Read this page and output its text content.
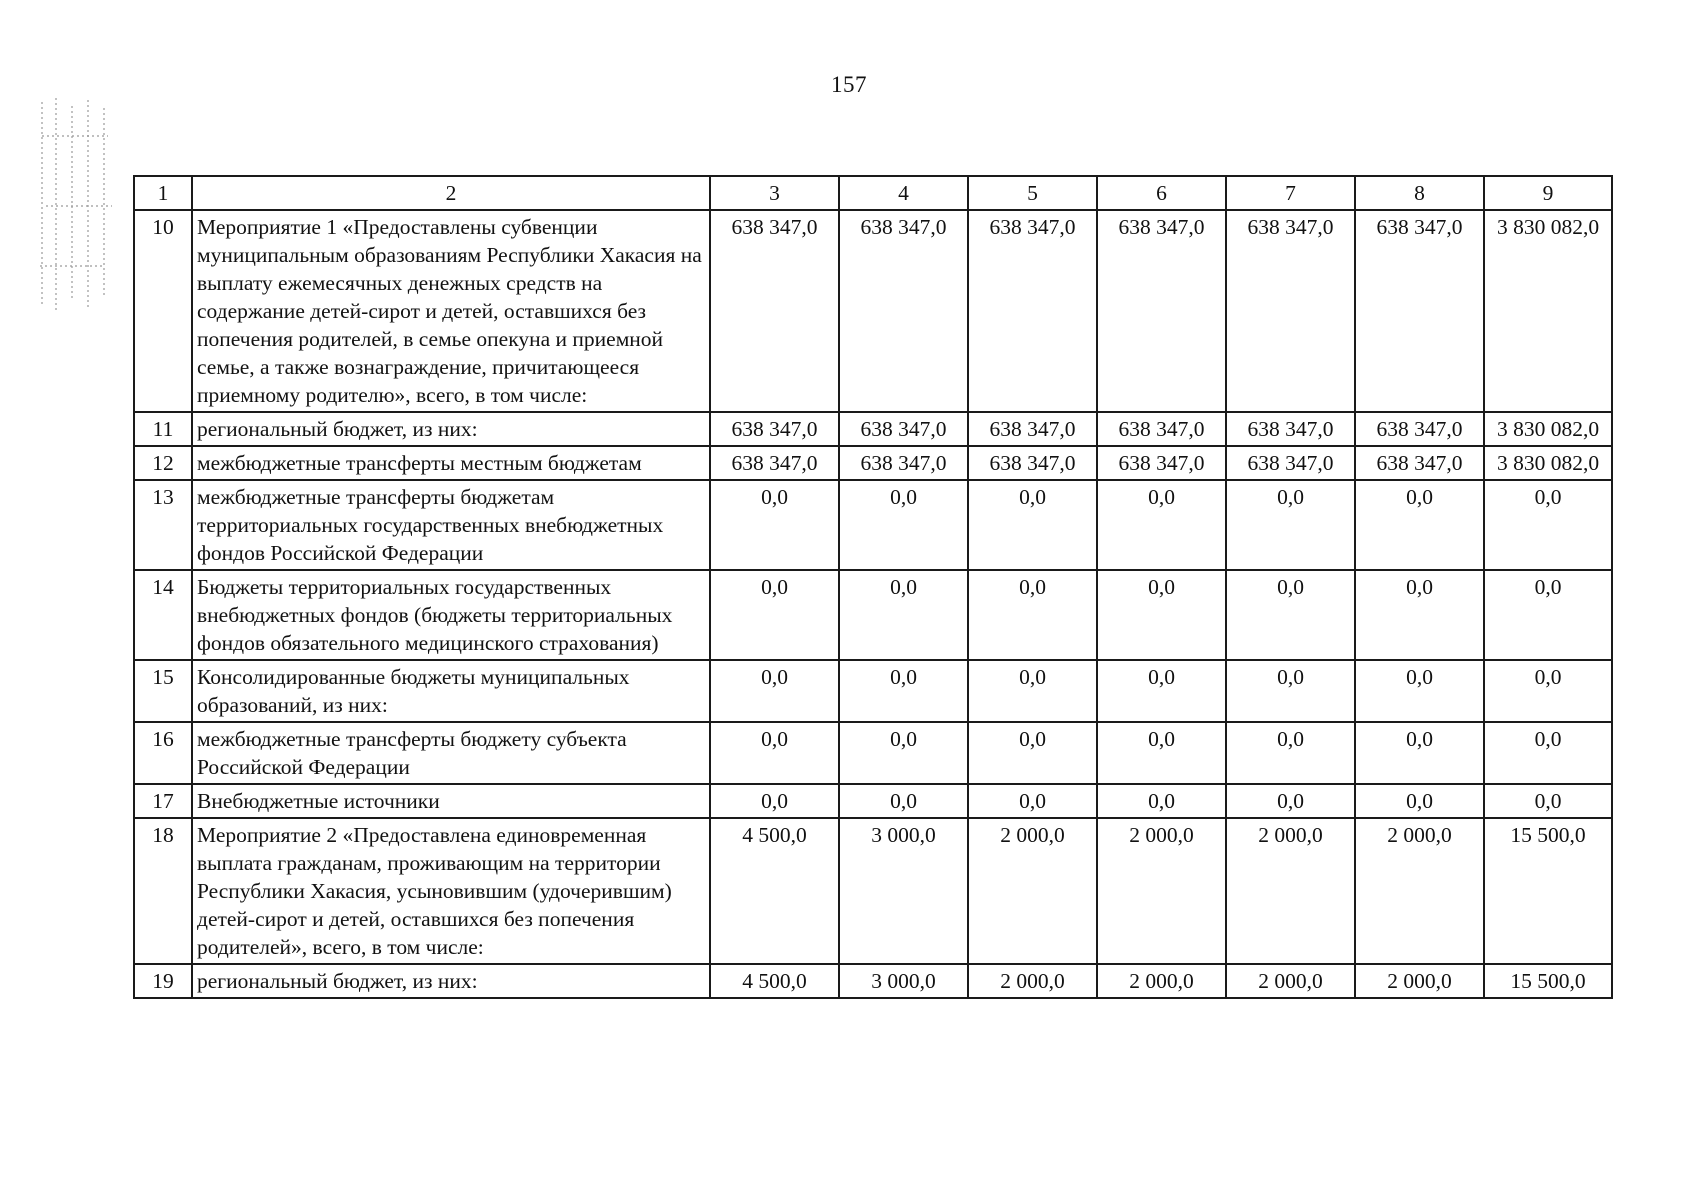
157
1	2	3	4	5	6	7	8	9
10	Мероприятие 1 «Предоставлены субвенции муниципальным образованиям Республики Хакасия на выплату ежемесячных денежных средств на содержание детей-сирот и детей, оставшихся без попечения родителей, в семье опекуна и приемной семье, а также вознаграждение, причитающееся приемному родителю», всего, в том числе:	638 347,0	638 347,0	638 347,0	638 347,0	638 347,0	638 347,0	3 830 082,0
11	региональный бюджет, из них:	638 347,0	638 347,0	638 347,0	638 347,0	638 347,0	638 347,0	3 830 082,0
12	межбюджетные трансферты местным бюджетам	638 347,0	638 347,0	638 347,0	638 347,0	638 347,0	638 347,0	3 830 082,0
13	межбюджетные трансферты бюджетам территориальных государственных внебюджетных фондов Российской Федерации	0,0	0,0	0,0	0,0	0,0	0,0	0,0
14	Бюджеты территориальных государственных внебюджетных фондов (бюджеты территориальных фондов обязательного медицинского страхования)	0,0	0,0	0,0	0,0	0,0	0,0	0,0
15	Консолидированные бюджеты муниципальных образований, из них:	0,0	0,0	0,0	0,0	0,0	0,0	0,0
16	межбюджетные трансферты бюджету субъекта Российской Федерации	0,0	0,0	0,0	0,0	0,0	0,0	0,0
17	Внебюджетные источники	0,0	0,0	0,0	0,0	0,0	0,0	0,0
18	Мероприятие 2 «Предоставлена единовременная выплата гражданам, проживающим на территории Республики Хакасия, усыновившим (удочерившим) детей-сирот и детей, оставшихся без попечения родителей», всего, в том числе:	4 500,0	3 000,0	2 000,0	2 000,0	2 000,0	2 000,0	15 500,0
19	региональный бюджет, из них:	4 500,0	3 000,0	2 000,0	2 000,0	2 000,0	2 000,0	15 500,0
